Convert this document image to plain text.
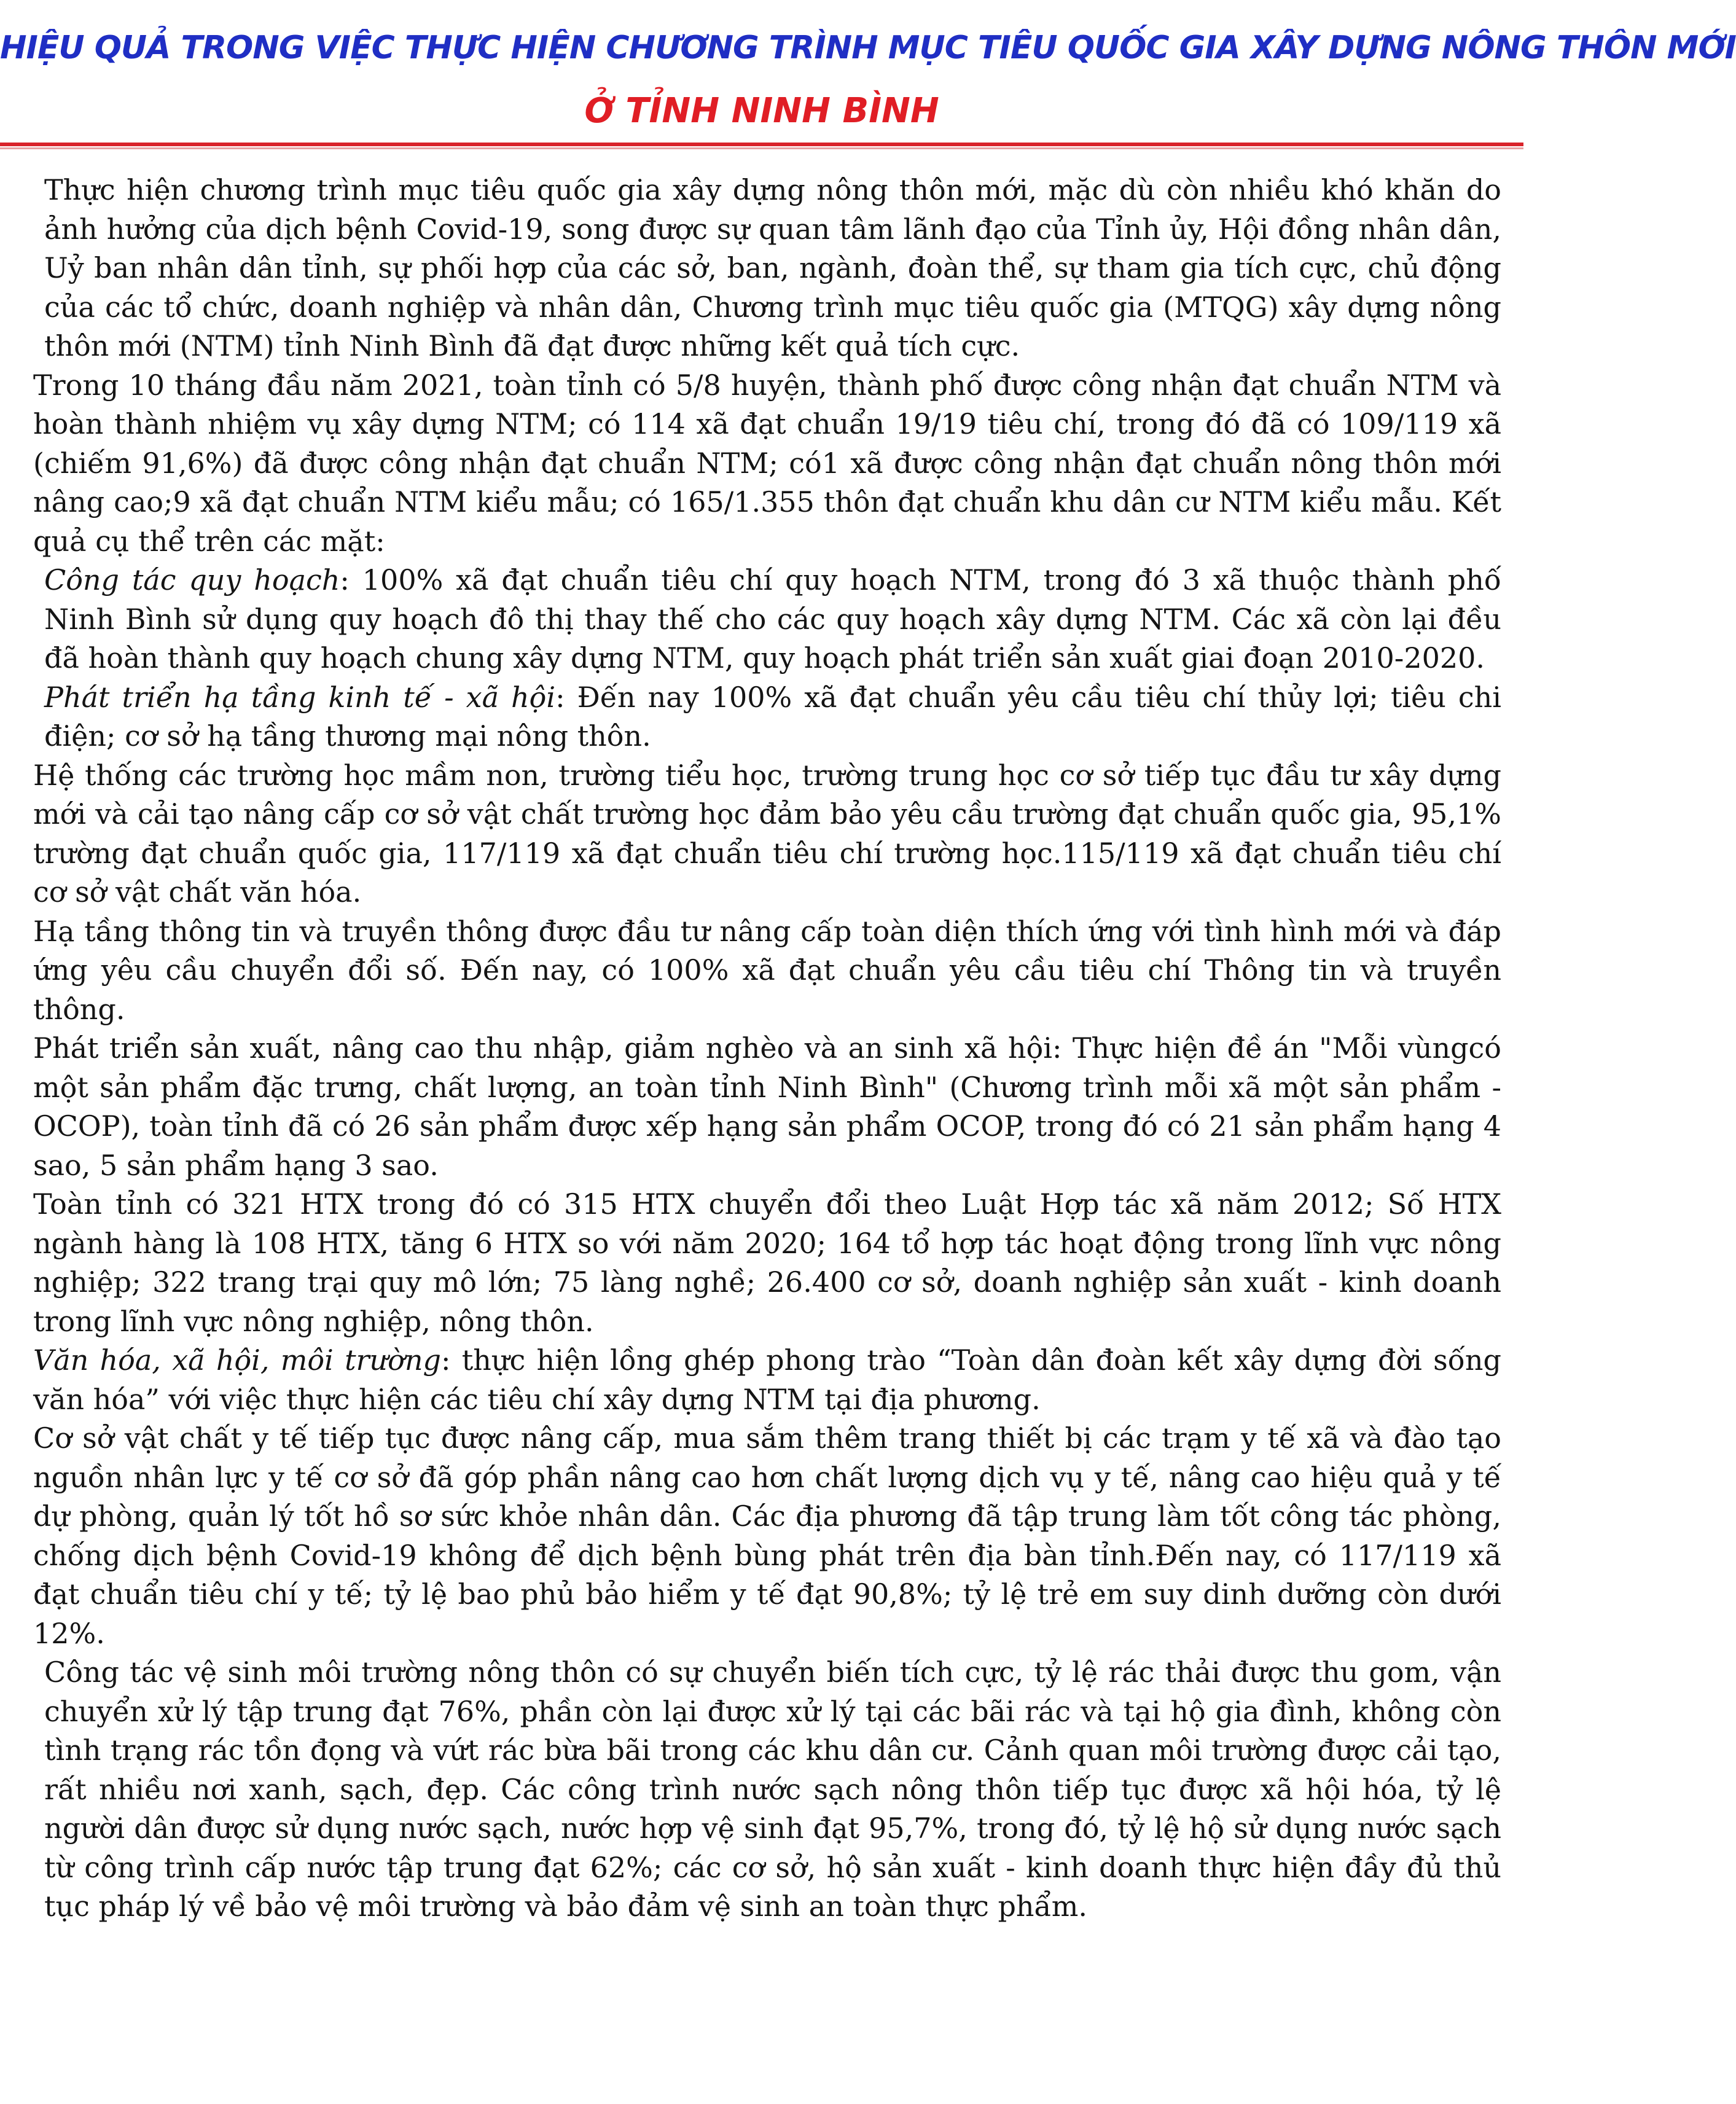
HIỆU QUẢ TRONG VIỆC THỰC HIỆN CHƯƠNG TRÌNH MỤC TIÊU QUỐC GIA XÂY DỰNG NÔNG THÔN MỚI
Ở TỈNH NINH BÌNH

Thực hiện chương trình mục tiêu quốc gia xây dựng nông thôn mới, mặc dù còn nhiều khó khăn do ảnh hưởng của dịch bệnh Covid-19, song được sự quan tâm lãnh đạo của Tỉnh ủy, Hội đồng nhân dân, Uỷ ban nhân dân tỉnh, sự phối hợp của các sở, ban, ngành, đoàn thể, sự tham gia tích cực, chủ động của các tổ chức, doanh nghiệp và nhân dân, Chương trình mục tiêu quốc gia (MTQG) xây dựng nông thôn mới (NTM) tỉnh Ninh Bình đã đạt được những kết quả tích cực.

Trong 10 tháng đầu năm 2021, toàn tỉnh có 5/8 huyện, thành phố được công nhận đạt chuẩn NTM và hoàn thành nhiệm vụ xây dựng NTM; có 114 xã đạt chuẩn 19/19 tiêu chí, trong đó đã có 109/119 xã (chiếm 91,6%) đã được công nhận đạt chuẩn NTM; có1 xã được công nhận đạt chuẩn nông thôn mới nâng cao;9 xã đạt chuẩn NTM kiểu mẫu; có 165/1.355 thôn đạt chuẩn khu dân cư NTM kiểu mẫu. Kết quả cụ thể trên các mặt:

Công tác quy hoạch: 100% xã đạt chuẩn tiêu chí quy hoạch NTM, trong đó 3 xã thuộc thành phố Ninh Bình sử dụng quy hoạch đô thị thay thế cho các quy hoạch xây dựng NTM. Các xã còn lại đều đã hoàn thành quy hoạch chung xây dựng NTM, quy hoạch phát triển sản xuất giai đoạn 2010-2020.

Phát triển hạ tầng kinh tế - xã hội: Đến nay 100% xã đạt chuẩn yêu cầu tiêu chí thủy lợi; tiêu chi điện; cơ sở hạ tầng thương mại nông thôn.

Hệ thống các trường học mầm non, trường tiểu học, trường trung học cơ sở tiếp tục đầu tư xây dựng mới và cải tạo nâng cấp cơ sở vật chất trường học đảm bảo yêu cầu trường đạt chuẩn quốc gia, 95,1% trường đạt chuẩn quốc gia, 117/119 xã đạt chuẩn tiêu chí trường học.115/119 xã đạt chuẩn tiêu chí cơ sở vật chất văn hóa.

Hạ tầng thông tin và truyền thông được đầu tư nâng cấp toàn diện thích ứng với tình hình mới và đáp ứng yêu cầu chuyển đổi số. Đến nay, có 100% xã đạt chuẩn yêu cầu tiêu chí Thông tin và truyền thông.

Phát triển sản xuất, nâng cao thu nhập, giảm nghèo và an sinh xã hội: Thực hiện đề án "Mỗi vùngcó một sản phẩm đặc trưng, chất lượng, an toàn tỉnh Ninh Bình" (Chương trình mỗi xã một sản phẩm - OCOP), toàn tỉnh đã có 26 sản phẩm được xếp hạng sản phẩm OCOP, trong đó có 21 sản phẩm hạng 4 sao, 5 sản phẩm hạng 3 sao.

Toàn tỉnh có 321 HTX trong đó có 315 HTX chuyển đổi theo Luật Hợp tác xã năm 2012; Số HTX ngành hàng là 108 HTX, tăng 6 HTX so với năm 2020; 164 tổ hợp tác hoạt động trong lĩnh vực nông nghiệp; 322 trang trại quy mô lớn; 75 làng nghề; 26.400 cơ sở, doanh nghiệp sản xuất - kinh doanh trong lĩnh vực nông nghiệp, nông thôn.

Văn hóa, xã hội, môi trường: thực hiện lồng ghép phong trào “Toàn dân đoàn kết xây dựng đời sống văn hóa” với việc thực hiện các tiêu chí xây dựng NTM tại địa phương.

Cơ sở vật chất y tế tiếp tục được nâng cấp, mua sắm thêm trang thiết bị các trạm y tế xã và đào tạo nguồn nhân lực y tế cơ sở đã góp phần nâng cao hơn chất lượng dịch vụ y tế, nâng cao hiệu quả y tế dự phòng, quản lý tốt hồ sơ sức khỏe nhân dân. Các địa phương đã tập trung làm tốt công tác phòng, chống dịch bệnh Covid-19 không để dịch bệnh bùng phát trên địa bàn tỉnh.Đến nay, có 117/119 xã đạt chuẩn tiêu chí y tế; tỷ lệ bao phủ bảo hiểm y tế đạt 90,8%; tỷ lệ trẻ em suy dinh dưỡng còn dưới 12%.

Công tác vệ sinh môi trường nông thôn có sự chuyển biến tích cực, tỷ lệ rác thải được thu gom, vận chuyển xử lý tập trung đạt 76%, phần còn lại được xử lý tại các bãi rác và tại hộ gia đình, không còn tình trạng rác tồn đọng và vứt rác bừa bãi trong các khu dân cư. Cảnh quan môi trường được cải tạo, rất nhiều nơi xanh, sạch, đẹp. Các công trình nước sạch nông thôn tiếp tục được xã hội hóa, tỷ lệ người dân được sử dụng nước sạch, nước hợp vệ sinh đạt 95,7%, trong đó, tỷ lệ hộ sử dụng nước sạch từ công trình cấp nước tập trung đạt 62%; các cơ sở, hộ sản xuất - kinh doanh thực hiện đầy đủ thủ tục pháp lý về bảo vệ môi trường và bảo đảm vệ sinh an toàn thực phẩm.
